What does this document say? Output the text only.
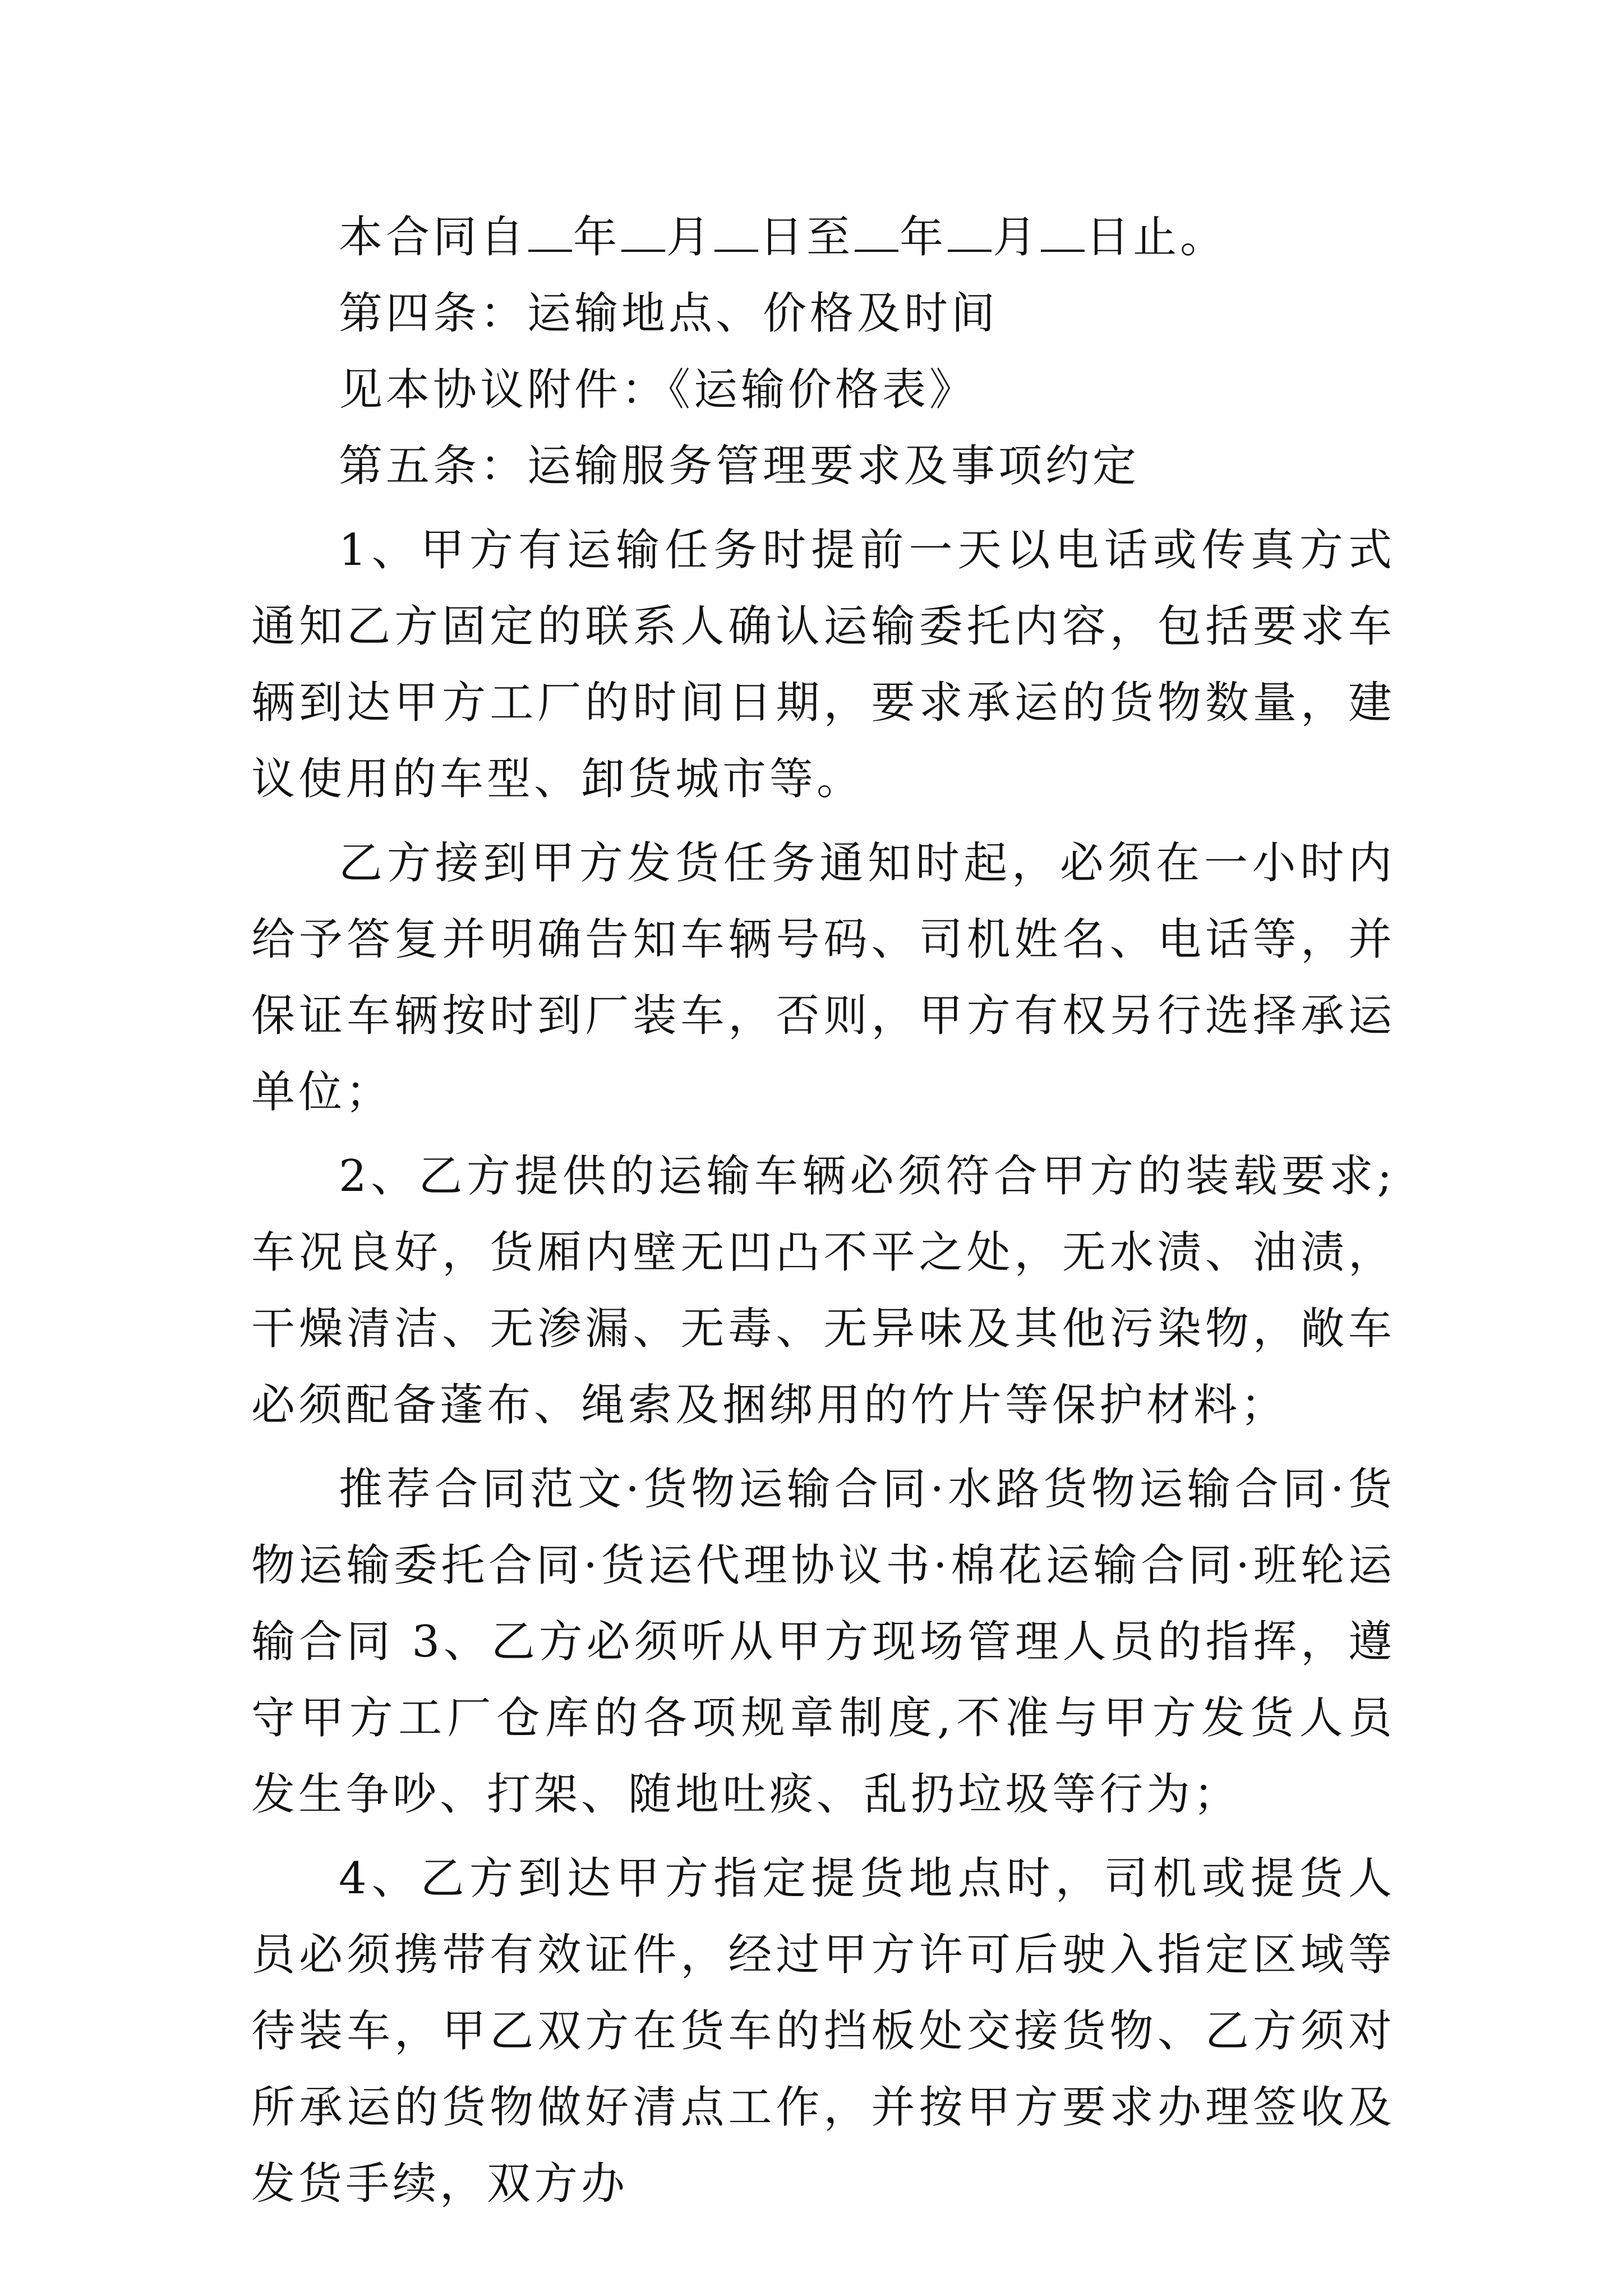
本合同自 年 月 日至 年 月 日止。

第四条：运输地点、价格及时间

见本协议附件：《运输价格表》

第五条：运输服务管理要求及事项约定

1、甲方有运输任务时提前一天以电话或传真方式通知乙方固定的联系人确认运输委托内容，包括要求车辆到达甲方工厂的时间日期，要求承运的货物数量，建议使用的车型、卸货城市等。

乙方接到甲方发货任务通知时起，必须在一小时内给予答复并明确告知车辆号码、司机姓名、电话等，并保证车辆按时到厂装车，否则，甲方有权另行选择承运单位；

2、乙方提供的运输车辆必须符合甲方的装载要求;车况良好，货厢内壁无凹凸不平之处，无水渍、油渍，干燥清洁、无渗漏、无毒、无异味及其他污染物，敞车必须配备蓬布、绳索及捆绑用的竹片等保护材料；

推荐合同范文·货物运输合同·水路货物运输合同·货物运输委托合同·货运代理协议书·棉花运输合同·班轮运输合同 3、乙方必须听从甲方现场管理人员的指挥，遵守甲方工厂仓库的各项规章制度,不准与甲方发货人员发生争吵、打架、随地吐痰、乱扔垃圾等行为；

4、乙方到达甲方指定提货地点时，司机或提货人员必须携带有效证件，经过甲方许可后驶入指定区域等待装车，甲乙双方在货车的挡板处交接货物、乙方须对所承运的货物做好清点工作，并按甲方要求办理签收及发货手续，双方办
